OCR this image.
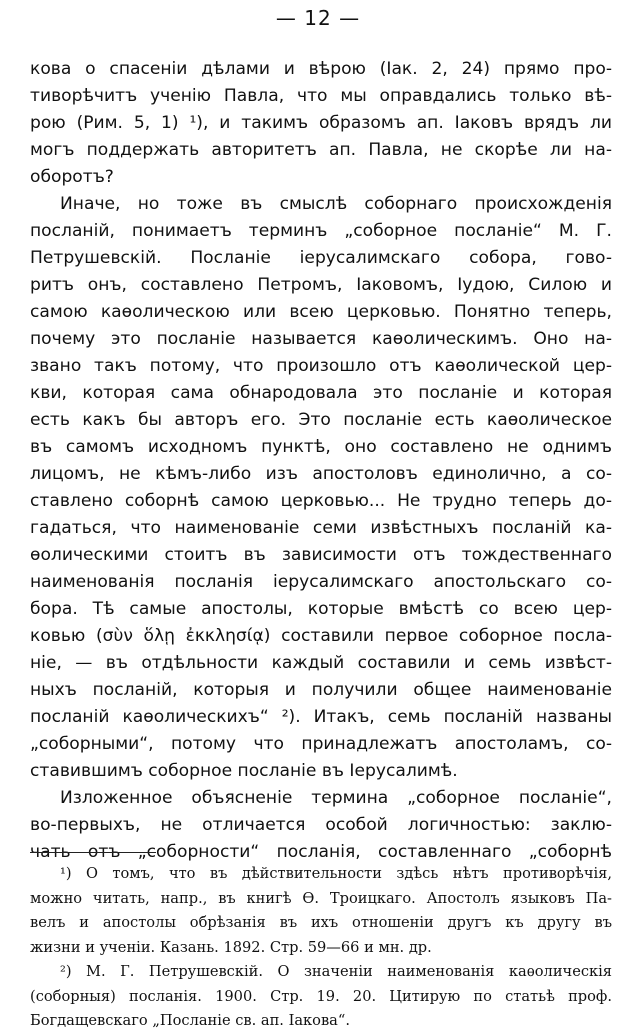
— 12 —
кова о спасенiи дѣлами и вѣрою (Iак. 2, 24) прямо про-
тиворѣчитъ ученiю Павла, что мы оправдались только вѣ-
рою (Рим. 5, 1) ¹), и такимъ образомъ ап. Iаковъ врядъ ли
могъ поддержать авторитетъ ап. Павла, не скорѣе ли на-
оборотъ?
Иначе, но тоже въ смыслѣ соборнаго происхожденiя
посланiй, понимаетъ терминъ „соборное посланiе“ М. Г.
Петрушевскiй. Посланiе iерусалимскаго собора, говo-
ритъ онъ, составлено Петромъ, Iаковомъ, Iудою, Силою и
самою каѳолическою или всею церковью. Понятно теперь,
почему это посланiе называется каѳолическимъ. Оно на-
звано такъ потому, что произошло отъ каѳолической цер-
кви, которая сама обнародовала это посланiе и которая
есть какъ бы авторъ его. Это посланiе есть каѳолическое
въ самомъ исходномъ пунктѣ, оно составлено не однимъ
лицомъ, не кѣмъ-либо изъ апостоловъ единолично, а со-
ставлено соборнѣ самою церковью... Не трудно теперь до-
гадаться, что наименованiе семи извѣстныхъ посланiй ка-
ѳолическими стоитъ въ зависимости отъ тождественнаго
наименованiя посланiя iерусалимскаго апостольскаго со-
бора. Тѣ самые апостолы, которые вмѣстѣ со всею цер-
ковью (σὺν ὅλῃ ἐκκλησίᾳ) составили первое соборное посла-
нiе, — въ отдѣльности каждый составили и семь извѣст-
ныхъ посланiй, которыя и получили общее наименованiе
посланiй каѳолическихъ“ ²). Итакъ, семь посланiй названы
„соборными“, потому что принадлежатъ апостоламъ, со-
ставившимъ соборное посланiе въ Iерусалимѣ.
Изложенное объясненiе термина „соборное посланiе“,
во-первыхъ, не отличается особой логичностью: заклю-
чать отъ „соборности“ посланiя, составленнаго „соборнѣ
¹) О томъ, что въ дѣйствительности здѣсь нѣтъ противорѣчiя,
можно читать, напр., въ книгѣ Ѳ. Троицкаго. Апостолъ языковъ Па-
велъ и апостолы обрѣзанiя въ ихъ отношенiи другъ къ другу въ
жизни и ученiи. Казань. 1892. Стр. 59—66 и мн. др.
²) М. Г. Петрушевскiй. О значенiи наименованiя каѳолическiя
(соборныя) посланiя. 1900. Стр. 19. 20. Цитирую по статьѣ проф.
Богдащевскаго „Посланiе св. ап. Iакова“.
